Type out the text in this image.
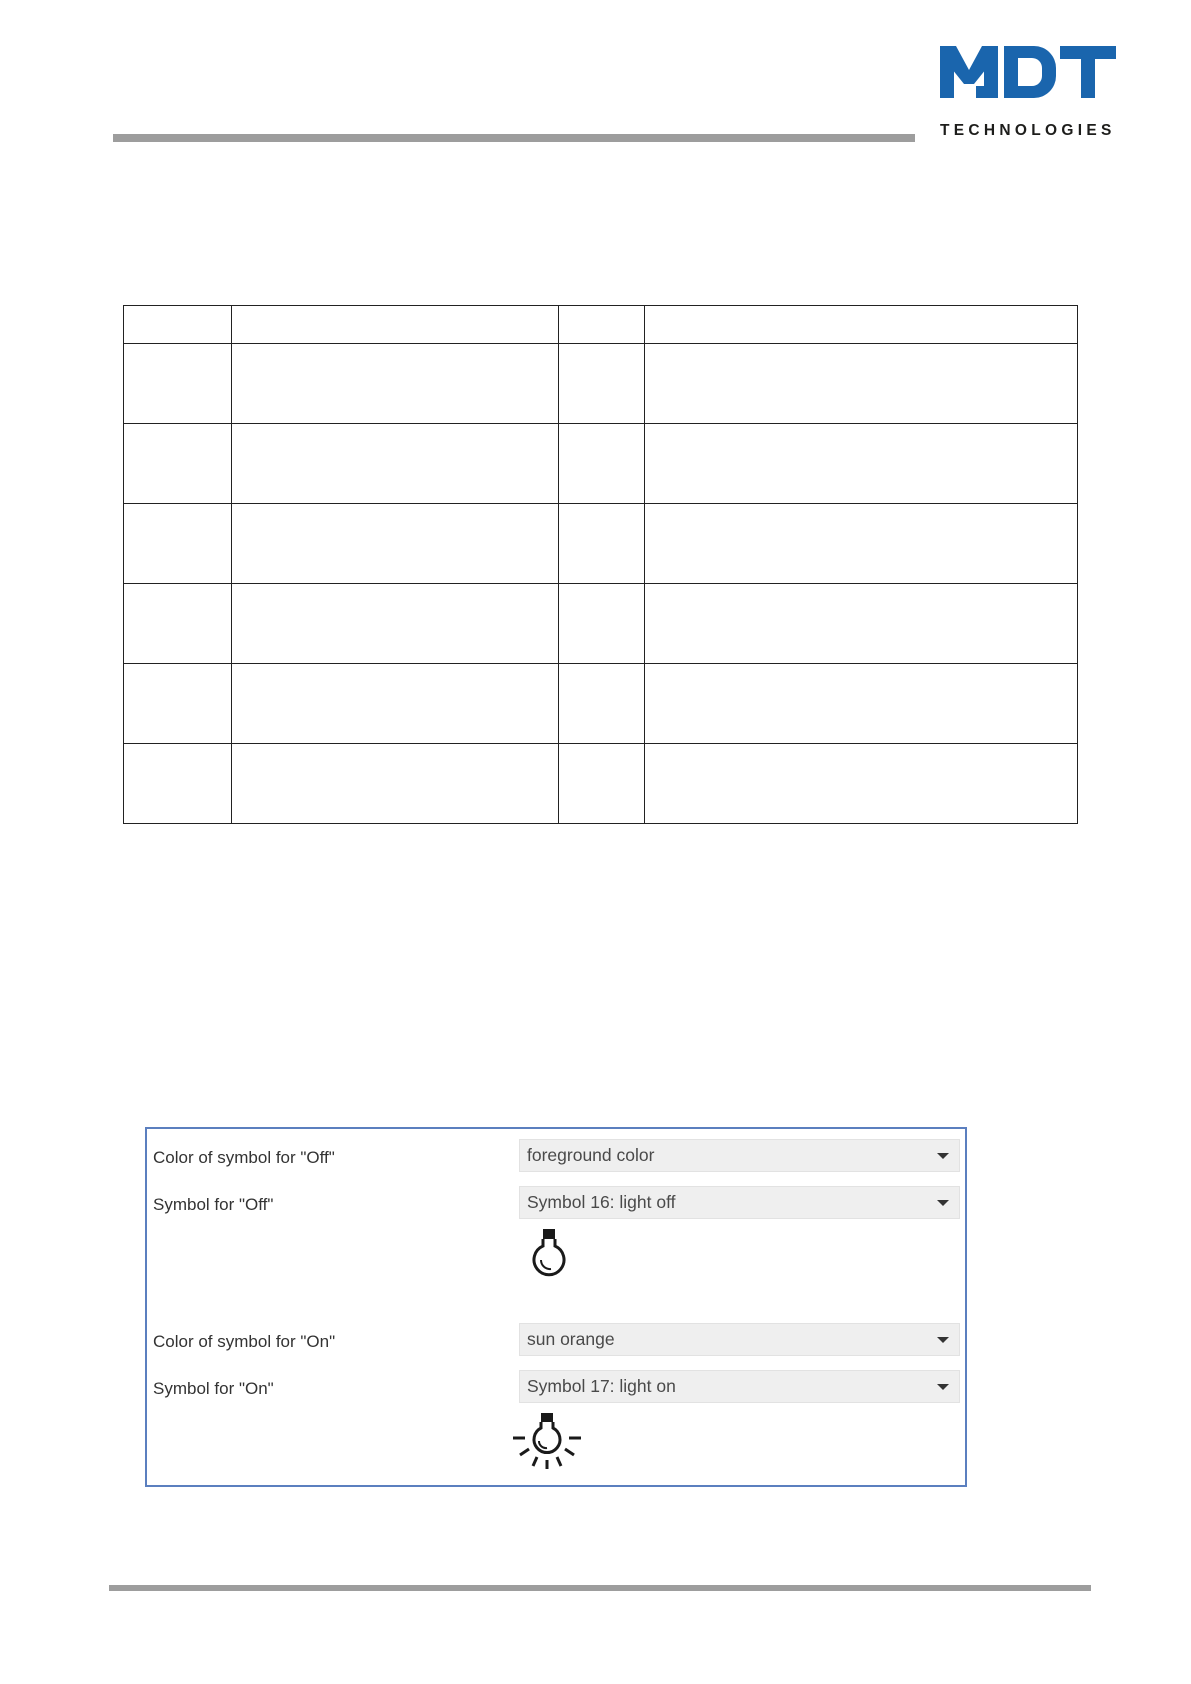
TECHNOLOGIES

Color of symbol for "Off"	foreground color
Symbol for "Off"	Symbol 16: light off
Color of symbol for "On"	sun orange
Symbol for "On"	Symbol 17: light on
